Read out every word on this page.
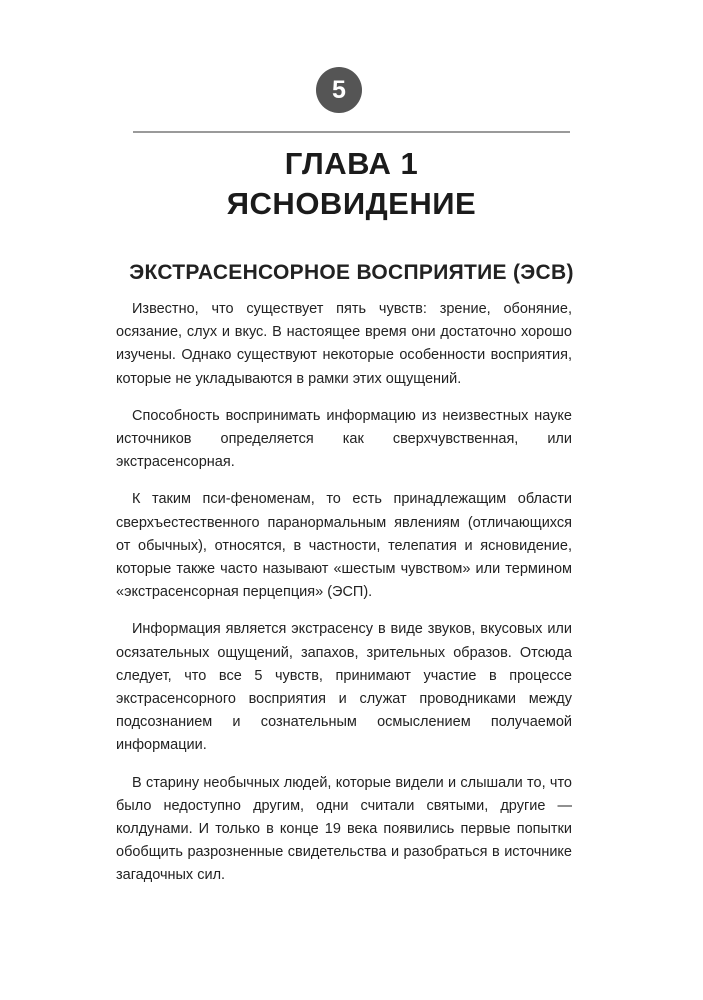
5
ГЛАВА 1
ЯСНОВИДЕНИЕ
ЭКСТРАСЕНСОРНОЕ ВОСПРИЯТИЕ (ЭСВ)

Известно, что существует пять чувств: зрение, обоняние, осязание, слух и вкус. В настоящее время они достаточно хорошо изучены. Однако существуют некоторые особенности восприятия, которые не укладываются в рамки этих ощущений.

Способность воспринимать информацию из неизвестных науке источников определяется как сверхчувственная, или экстрасенсорная.

К таким пси-феноменам, то есть принадлежащим области сверхъестественного паранормальным явлениям (отличающихся от обычных), относятся, в частности, телепатия и ясновидение, которые также часто называют «шестым чувством» или термином «экстрасенсорная перцепция» (ЭСП).

Информация является экстрасенсу в виде звуков, вкусовых или осязательных ощущений, запахов, зрительных образов. Отсюда следует, что все 5 чувств, принимают участие в процессе экстрасенсорного восприятия и служат проводниками между подсознанием и сознательным осмыслением получаемой информации.

В старину необычных людей, которые видели и слышали то, что было недоступно другим, одни считали святыми, другие — колдунами. И только в конце 19 века появились первые попытки обобщить разрозненные свидетельства и разобраться в источнике загадочных сил.
